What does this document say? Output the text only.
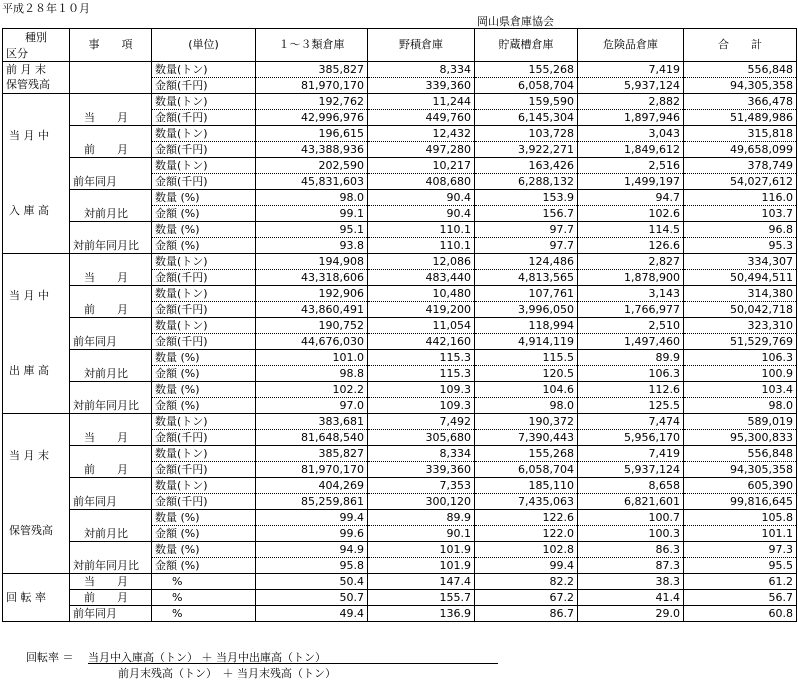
平成２８年１０月
岡山県倉庫協会
種別	事　　項	(単位)	１～３類倉庫	野積倉庫	貯蔵槽倉庫	危険品倉庫	合　　計
区分							
前 月 末		数量(トン)	385,827	8,334	155,268	7,419	556,848
保管残高		金額(千円)	81,970,170	339,360	6,058,704	5,937,124	94,305,358

当 月 中
入 庫 高	当　　月	数量(トン)	192,762	11,244	159,590	2,882	366,478
		金額(千円)	42,996,976	449,760	6,145,304	1,897,946	51,489,986
	前　　月	数量(トン)	196,615	12,432	103,728	3,043	315,818
		金額(千円)	43,388,936	497,280	3,922,271	1,849,612	49,658,099
	前年同月	数量(トン)	202,590	10,217	163,426	2,516	378,749
		金額(千円)	45,831,603	408,680	6,288,132	1,499,197	54,027,612
	対前月比	数量 (%)	98.0	90.4	153.9	94.7	116.0
		金額 (%)	99.1	90.4	156.7	102.6	103.7
	対前年同月比	数量 (%)	95.1	110.1	97.7	114.5	96.8
		金額 (%)	93.8	110.1	97.7	126.6	95.3

当 月 中
出 庫 高	当　　月	数量(トン)	194,908	12,086	124,486	2,827	334,307
		金額(千円)	43,318,606	483,440	4,813,565	1,878,900	50,494,511
	前　　月	数量(トン)	192,906	10,480	107,761	3,143	314,380
		金額(千円)	43,860,491	419,200	3,996,050	1,766,977	50,042,718
	前年同月	数量(トン)	190,752	11,054	118,994	2,510	323,310
		金額(千円)	44,676,030	442,160	4,914,119	1,497,460	51,529,769
	対前月比	数量 (%)	101.0	115.3	115.5	89.9	106.3
		金額 (%)	98.8	115.3	120.5	106.3	100.9
	対前年同月比	数量 (%)	102.2	109.3	104.6	112.6	103.4
		金額 (%)	97.0	109.3	98.0	125.5	98.0

当 月 末
保管残高	当　　月	数量(トン)	383,681	7,492	190,372	7,474	589,019
		金額(千円)	81,648,540	305,680	7,390,443	5,956,170	95,300,833
	前　　月	数量(トン)	385,827	8,334	155,268	7,419	556,848
		金額(千円)	81,970,170	339,360	6,058,704	5,937,124	94,305,358
	前年同月	数量(トン)	404,269	7,353	185,110	8,658	605,390
		金額(千円)	85,259,861	300,120	7,435,063	6,821,601	99,816,645
	対前月比	数量 (%)	99.4	89.9	122.6	100.7	105.8
		金額 (%)	99.6	90.1	122.0	100.3	101.1
	対前年同月比	数量 (%)	94.9	101.9	102.8	86.3	97.3
		金額 (%)	95.8	101.9	99.4	87.3	95.5
回 転 率	当　　月	%	50.4	147.4	82.2	38.3	61.2
	前　　月	%	50.7	155.7	67.2	41.4	56.7
	前年同月	%	49.4	136.9	86.7	29.0	60.8
回転率 ＝ 当月中入庫高（トン） ＋ 当月中出庫高（トン）
前月末残高（トン）　＋ 当月末残高（トン）
